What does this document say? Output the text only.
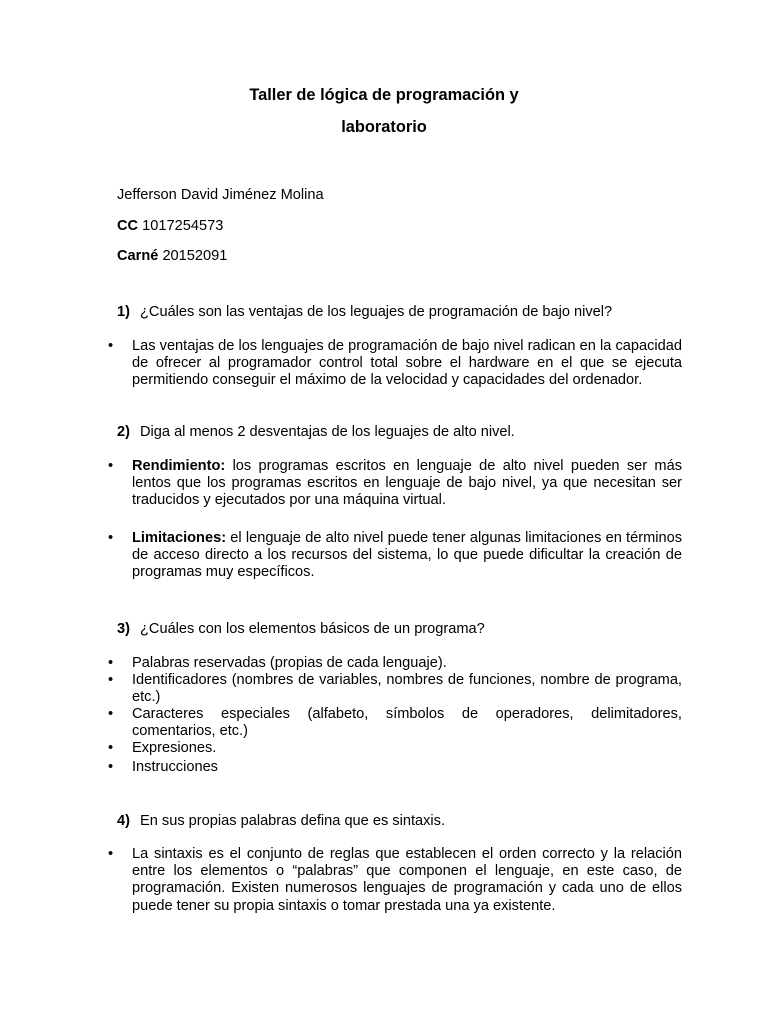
Taller de lógica de programación y
laboratorio

Jefferson David Jiménez Molina

CC 1017254573

Carné 20152091

1) ¿Cuáles son las ventajas de los leguajes de programación de bajo nivel?

• Las ventajas de los lenguajes de programación de bajo nivel radican en la capacidad de ofrecer al programador control total sobre el hardware en el que se ejecuta permitiendo conseguir el máximo de la velocidad y capacidades del ordenador.

2) Diga al menos 2 desventajas de los leguajes de alto nivel.

• Rendimiento: los programas escritos en lenguaje de alto nivel pueden ser más lentos que los programas escritos en lenguaje de bajo nivel, ya que necesitan ser traducidos y ejecutados por una máquina virtual.
• Limitaciones: el lenguaje de alto nivel puede tener algunas limitaciones en términos de acceso directo a los recursos del sistema, lo que puede dificultar la creación de programas muy específicos.

3) ¿Cuáles con los elementos básicos de un programa?

• Palabras reservadas (propias de cada lenguaje).
• Identificadores (nombres de variables, nombres de funciones, nombre de programa, etc.)
• Caracteres especiales (alfabeto, símbolos de operadores, delimitadores, comentarios, etc.)
• Expresiones.
• Instrucciones

4) En sus propias palabras defina que es sintaxis.

• La sintaxis es el conjunto de reglas que establecen el orden correcto y la relación entre los elementos o “palabras” que componen el lenguaje, en este caso, de programación. Existen numerosos lenguajes de programación y cada uno de ellos puede tener su propia sintaxis o tomar prestada una ya existente.
